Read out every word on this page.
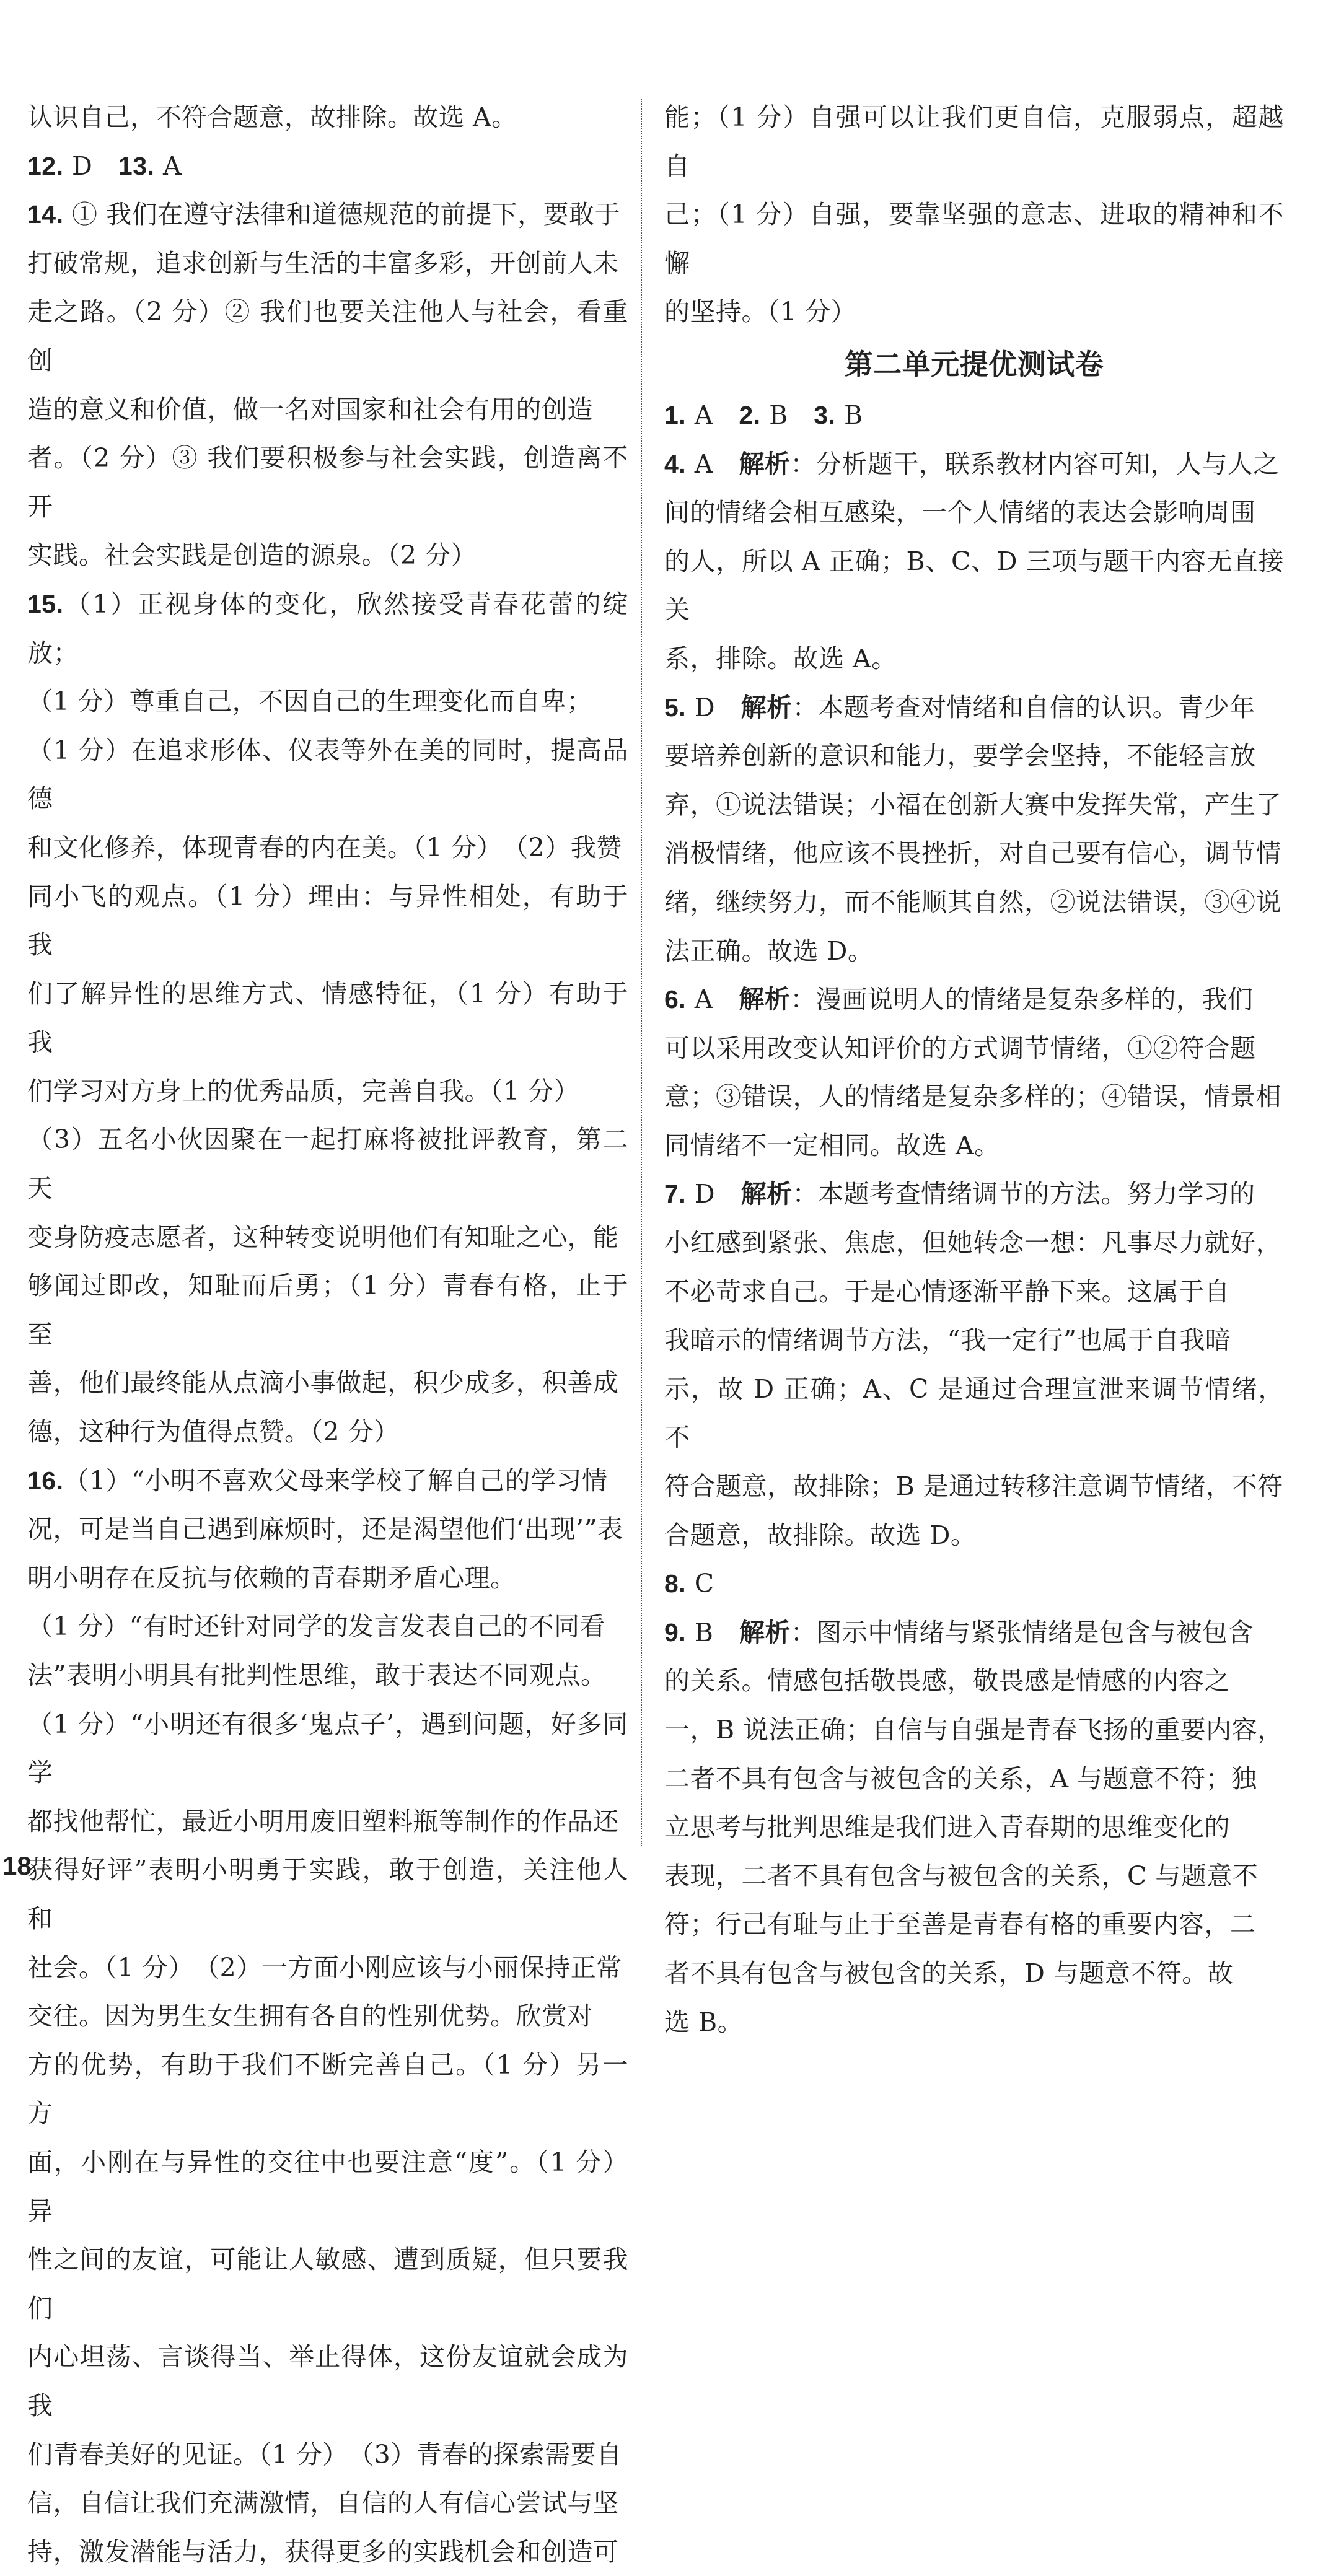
认识自己，不符合题意，故排除。故选 A。

12. D　13. A

14. ① 我们在遵守法律和道德规范的前提下，要敢于

打破常规，追求创新与生活的丰富多彩，开创前人未

走之路。（2 分）② 我们也要关注他人与社会，看重创

造的意义和价值，做一名对国家和社会有用的创造

者。（2 分）③ 我们要积极参与社会实践，创造离不开

实践。社会实践是创造的源泉。（2 分）

15.（1）正视身体的变化，欣然接受青春花蕾的绽放；

（1 分）尊重自己，不因自己的生理变化而自卑；

（1 分）在追求形体、仪表等外在美的同时，提高品德

和文化修养，体现青春的内在美。（1 分）　（2）我赞

同小飞的观点。（1 分）理由：与异性相处，有助于我

们了解异性的思维方式、情感特征，（1 分）有助于我

们学习对方身上的优秀品质，完善自我。（1 分）

（3）五名小伙因聚在一起打麻将被批评教育，第二天

变身防疫志愿者，这种转变说明他们有知耻之心，能

够闻过即改，知耻而后勇；（1 分）青春有格，止于至

善，他们最终能从点滴小事做起，积少成多，积善成

德，这种行为值得点赞。（2 分）

16.（1）“小明不喜欢父母来学校了解自己的学习情

况，可是当自己遇到麻烦时，还是渴望他们‘出现’”表

明小明存在反抗与依赖的青春期矛盾心理。

（1 分）“有时还针对同学的发言发表自己的不同看

法”表明小明具有批判性思维，敢于表达不同观点。

（1 分）“小明还有很多‘鬼点子’，遇到问题，好多同学

都找他帮忙，最近小明用废旧塑料瓶等制作的作品还

获得好评”表明小明勇于实践，敢于创造，关注他人和

社会。（1 分）　（2）一方面小刚应该与小丽保持正常

交往。因为男生女生拥有各自的性别优势。欣赏对

方的优势，有助于我们不断完善自己。（1 分）另一方

面，小刚在与异性的交往中也要注意“度”。（1 分）异

性之间的友谊，可能让人敏感、遭到质疑，但只要我们

内心坦荡、言谈得当、举止得体，这份友谊就会成为我

们青春美好的见证。（1 分）　（3）青春的探索需要自

信，自信让我们充满激情，自信的人有信心尝试与坚

持，激发潜能与活力，获得更多的实践机会和创造可

能；（1 分）自强可以让我们更自信，克服弱点，超越自

己；（1 分）自强，要靠坚强的意志、进取的精神和不懈

的坚持。（1 分）

第二单元提优测试卷

1. A　2. B　3. B

4. A　解析：分析题干，联系教材内容可知，人与人之

间的情绪会相互感染，一个人情绪的表达会影响周围

的人，所以 A 正确；B、C、D 三项与题干内容无直接关

系，排除。故选 A。

5. D　解析：本题考查对情绪和自信的认识。青少年

要培养创新的意识和能力，要学会坚持，不能轻言放

弃，①说法错误；小福在创新大赛中发挥失常，产生了

消极情绪，他应该不畏挫折，对自己要有信心，调节情

绪，继续努力，而不能顺其自然，②说法错误，③④说

法正确。故选 D。

6. A　解析：漫画说明人的情绪是复杂多样的，我们

可以采用改变认知评价的方式调节情绪，①②符合题

意；③错误，人的情绪是复杂多样的；④错误，情景相

同情绪不一定相同。故选 A。

7. D　解析：本题考查情绪调节的方法。努力学习的

小红感到紧张、焦虑，但她转念一想：凡事尽力就好，

不必苛求自己。于是心情逐渐平静下来。这属于自

我暗示的情绪调节方法，“我一定行”也属于自我暗

示，故 D 正确；A、C 是通过合理宣泄来调节情绪，不

符合题意，故排除；B 是通过转移注意调节情绪，不符

合题意，故排除。故选 D。

8. C

9. B　解析：图示中情绪与紧张情绪是包含与被包含

的关系。情感包括敬畏感，敬畏感是情感的内容之

一，B 说法正确；自信与自强是青春飞扬的重要内容，

二者不具有包含与被包含的关系，A 与题意不符；独

立思考与批判思维是我们进入青春期的思维变化的

表现，二者不具有包含与被包含的关系，C 与题意不

符；行己有耻与止于至善是青春有格的重要内容，二

者不具有包含与被包含的关系，D 与题意不符。故

选 B。

18
